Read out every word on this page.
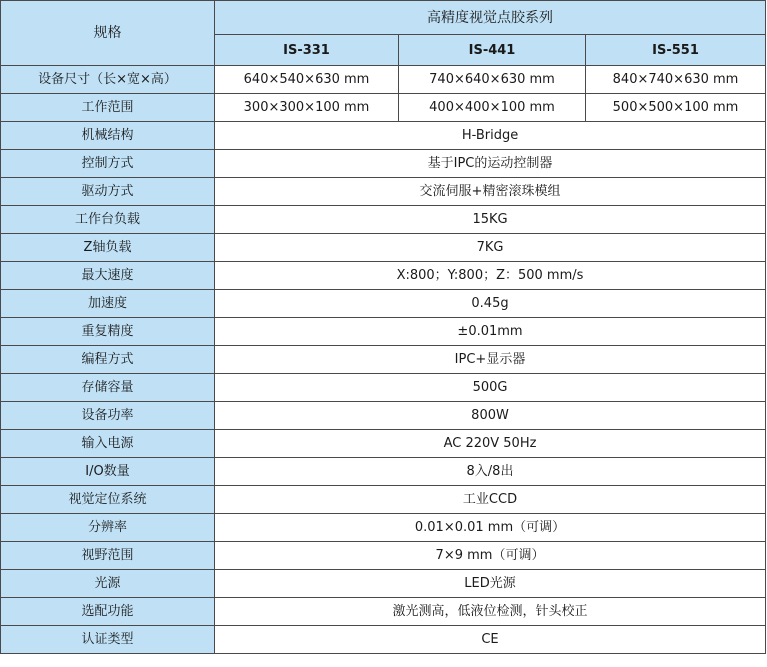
规格	高精度视觉点胶系列		
	IS-331	IS-441	IS-551
设备尺寸（长×宽×高）	640×540×630 mm	740×640×630 mm	840×740×630 mm
工作范围	300×300×100 mm	400×400×100 mm	500×500×100 mm
机械结构	H-Bridge		
控制方式	基于IPC的运动控制器		
驱动方式	交流伺服+精密滚珠模组		
工作台负载	15KG		
Z轴负载	7KG		
最大速度	X:800；Y:800；Z：500 mm/s		
加速度	0.45g		
重复精度	±0.01mm		
编程方式	IPC+显示器		
存储容量	500G		
设备功率	800W		
输入电源	AC 220V 50Hz		
I/O数量	8入/8出		
视觉定位系统	工业CCD		
分辨率	0.01×0.01 mm（可调）		
视野范围	7×9 mm（可调）		
光源	LED光源		
选配功能	激光测高，低液位检测，针头校正		
认证类型	CE		
